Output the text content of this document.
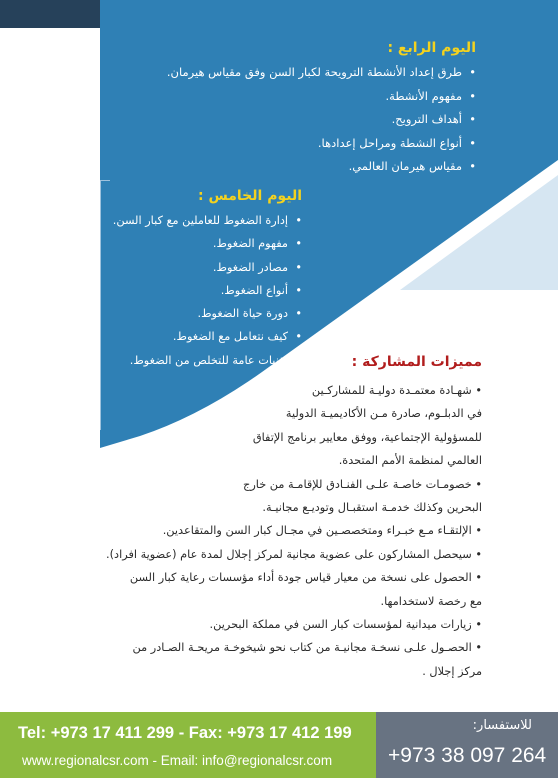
اليوم الرابع :
• طرق إعداد الأنشطة الترويحة لكبار السن وفق مقياس هيرمان.
• مفهوم الأنشطة.
• أهداف الترويح.
• أنواع النشطة ومراحل إعدادها.
• مقياس هيرمان العالمي.
اليوم الخامس :
• إدارة الضغوط للعاملين مع كبار السن.
• مفهوم الضغوط.
• مصادر الضغوط.
• أنواع الضغوط.
• دورة حياة الضغوط.
• كيف نتعامل مع الضغوط.
• تقنيات عامة للتخلص من الضغوط.	مميزات المشاركة :
• شهـادة معتمـدة دوليـة للمشاركـين
في الدبلـوم، صادرة مـن الأكاديميـة الدولية
للمسؤولية الإجتماعية، ووفق معايير برنامج الإتفاق
العالمي لمنظمة الأمم المتحدة.
• خصومـات خاصـة علـى الفنـادق للإقامـة من خارج
البحرين وكذلك خدمـة استقبـال وتوديـع مجانيـة.
• الإلتقـاء مـع خبـراء ومتخصصـين في مجـال كبار السن والمتقاعدين.
• سيحصل المشاركون على عضوية مجانية لمركز إجلال لمدة عام (عضوية افراد).
• الحصول على نسخة من معيار قياس جودة أداء مؤسسات رعاية كبار السن
مع رخصة لاستخدامها.
• زيارات ميدانية لمؤسسات كبار السن في مملكة البحرين.
• الحصـول علـى نسخـة مجانيـة من كتاب نحو شيخوخـة مريحـة الصـادر من
مركز إجلال .
Tel: +973 17 411 299 - Fax: +973 17 412 199
www.regionalcsr.com - Email: info@regionalcsr.com
للاستفسار:
+973 38 097 264
